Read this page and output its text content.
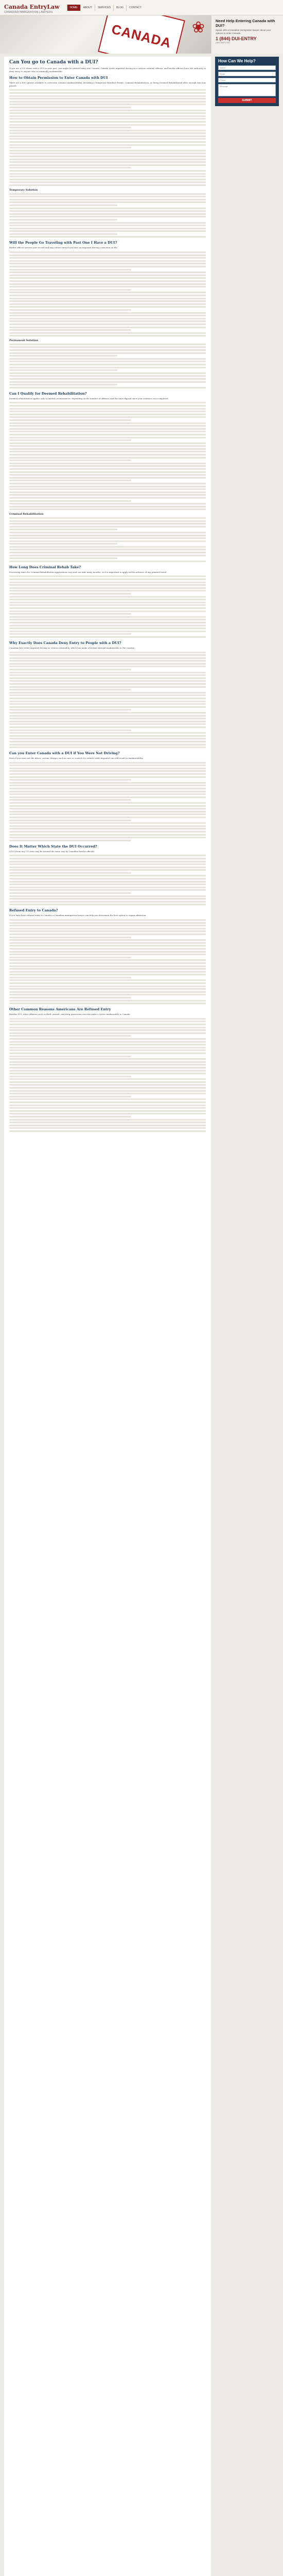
Canada EntryLaw
CANADIAN IMMIGRATION LAWYERS
HOME	ABOUT	SERVICES	BLOG	CONTACT
CANADA	❀	Need Help Entering Canada with DUI?
Speak with a Canadian immigration lawyer about your options to enter Canada.
1 (844) DUI-ENTRY
(384-3687) 24/7
Can You go to Canada with a DUI?
If you are a US citizen with a DUI in your past, you might be refused entry into Canada. Canada treats impaired driving as a serious criminal offense, and border officers have the authority to deny entry to anyone who is criminally inadmissible.
How to Obtain Permission to Enter Canada with DUI
There are a few options available to overcome criminal inadmissibility, including a Temporary Resident Permit, Criminal Rehabilitation, or being Deemed Rehabilitated after enough time has passed.
Temporary Solution
Will the People Go Traveling with Past One I Have a DUI?
Border officers review your record and may refuse entry if you have an impaired driving conviction on file.
Permanent Solution
Can I Qualify for Deemed Rehabilitation?
Deemed rehabilitation applies only in limited circumstances, depending on the number of offenses and the time elapsed since your sentence was completed.
Criminal Rehabilitation
How Long Does Criminal Rehab Take?
Processing times for Criminal Rehabilitation applications vary and can take many months, so it is important to apply well in advance of any planned travel.
Why Exactly Does Canada Deny Entry to People with a DUI?
Canadian law treats impaired driving as serious criminality, which can make a foreign national inadmissible to the country.
Can you Enter Canada with a DUI if You Were Not Driving?
Even if you were not the driver, certain charges such as care or control of a vehicle while impaired can still result in inadmissibility.
Does It Matter Which State the DUI Occurred?
A DUI from any US state may be treated the same way by Canadian border officials.
Refused Entry to Canada?
If you have been refused entry to Canada, a Canadian immigration lawyer can help you determine the best option to regain admission.
Other Common Reasons Americans Are Refused Entry
Besides DUI, other offenses such as theft, assault, and drug possession can also make a visitor inadmissible to Canada.
How Can We Help?
Name
Email
Phone
Message
SUBMIT
